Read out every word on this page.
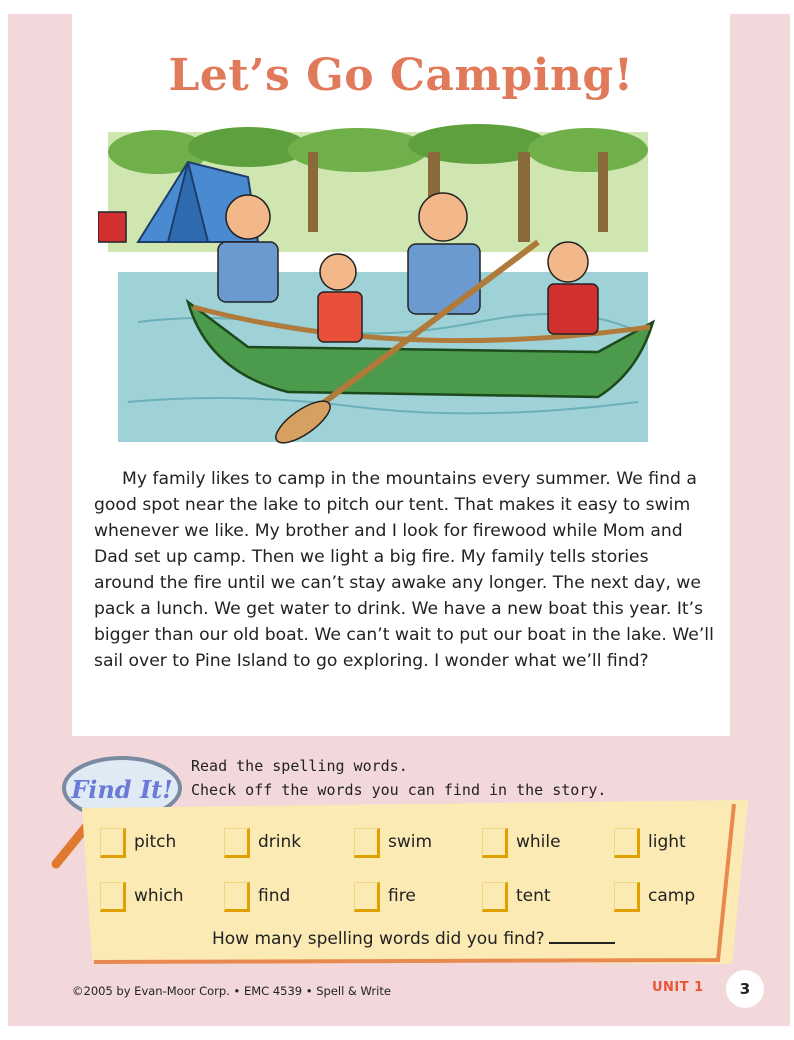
Let’s Go Camping!
My family likes to camp in the mountains every summer. We find a good spot near the lake to pitch our tent. That makes it easy to swim whenever we like. My brother and I look for firewood while Mom and Dad set up camp. Then we light a big fire. My family tells stories around the fire until we can’t stay awake any longer. The next day, we pack a lunch. We get water to drink. We have a new boat this year. It’s bigger than our old boat. We can’t wait to put our boat in the lake. We’ll sail over to Pine Island to go exploring. I wonder what we’ll find?
Find It!
Read the spelling words.
Check off the words you can find in the story.
pitch	drink	swim	while	light
which	find	fire	tent	camp
How many spelling words did you find?
©2005 by Evan-Moor Corp. • EMC 4539 • Spell & Write	UNIT 1	3
